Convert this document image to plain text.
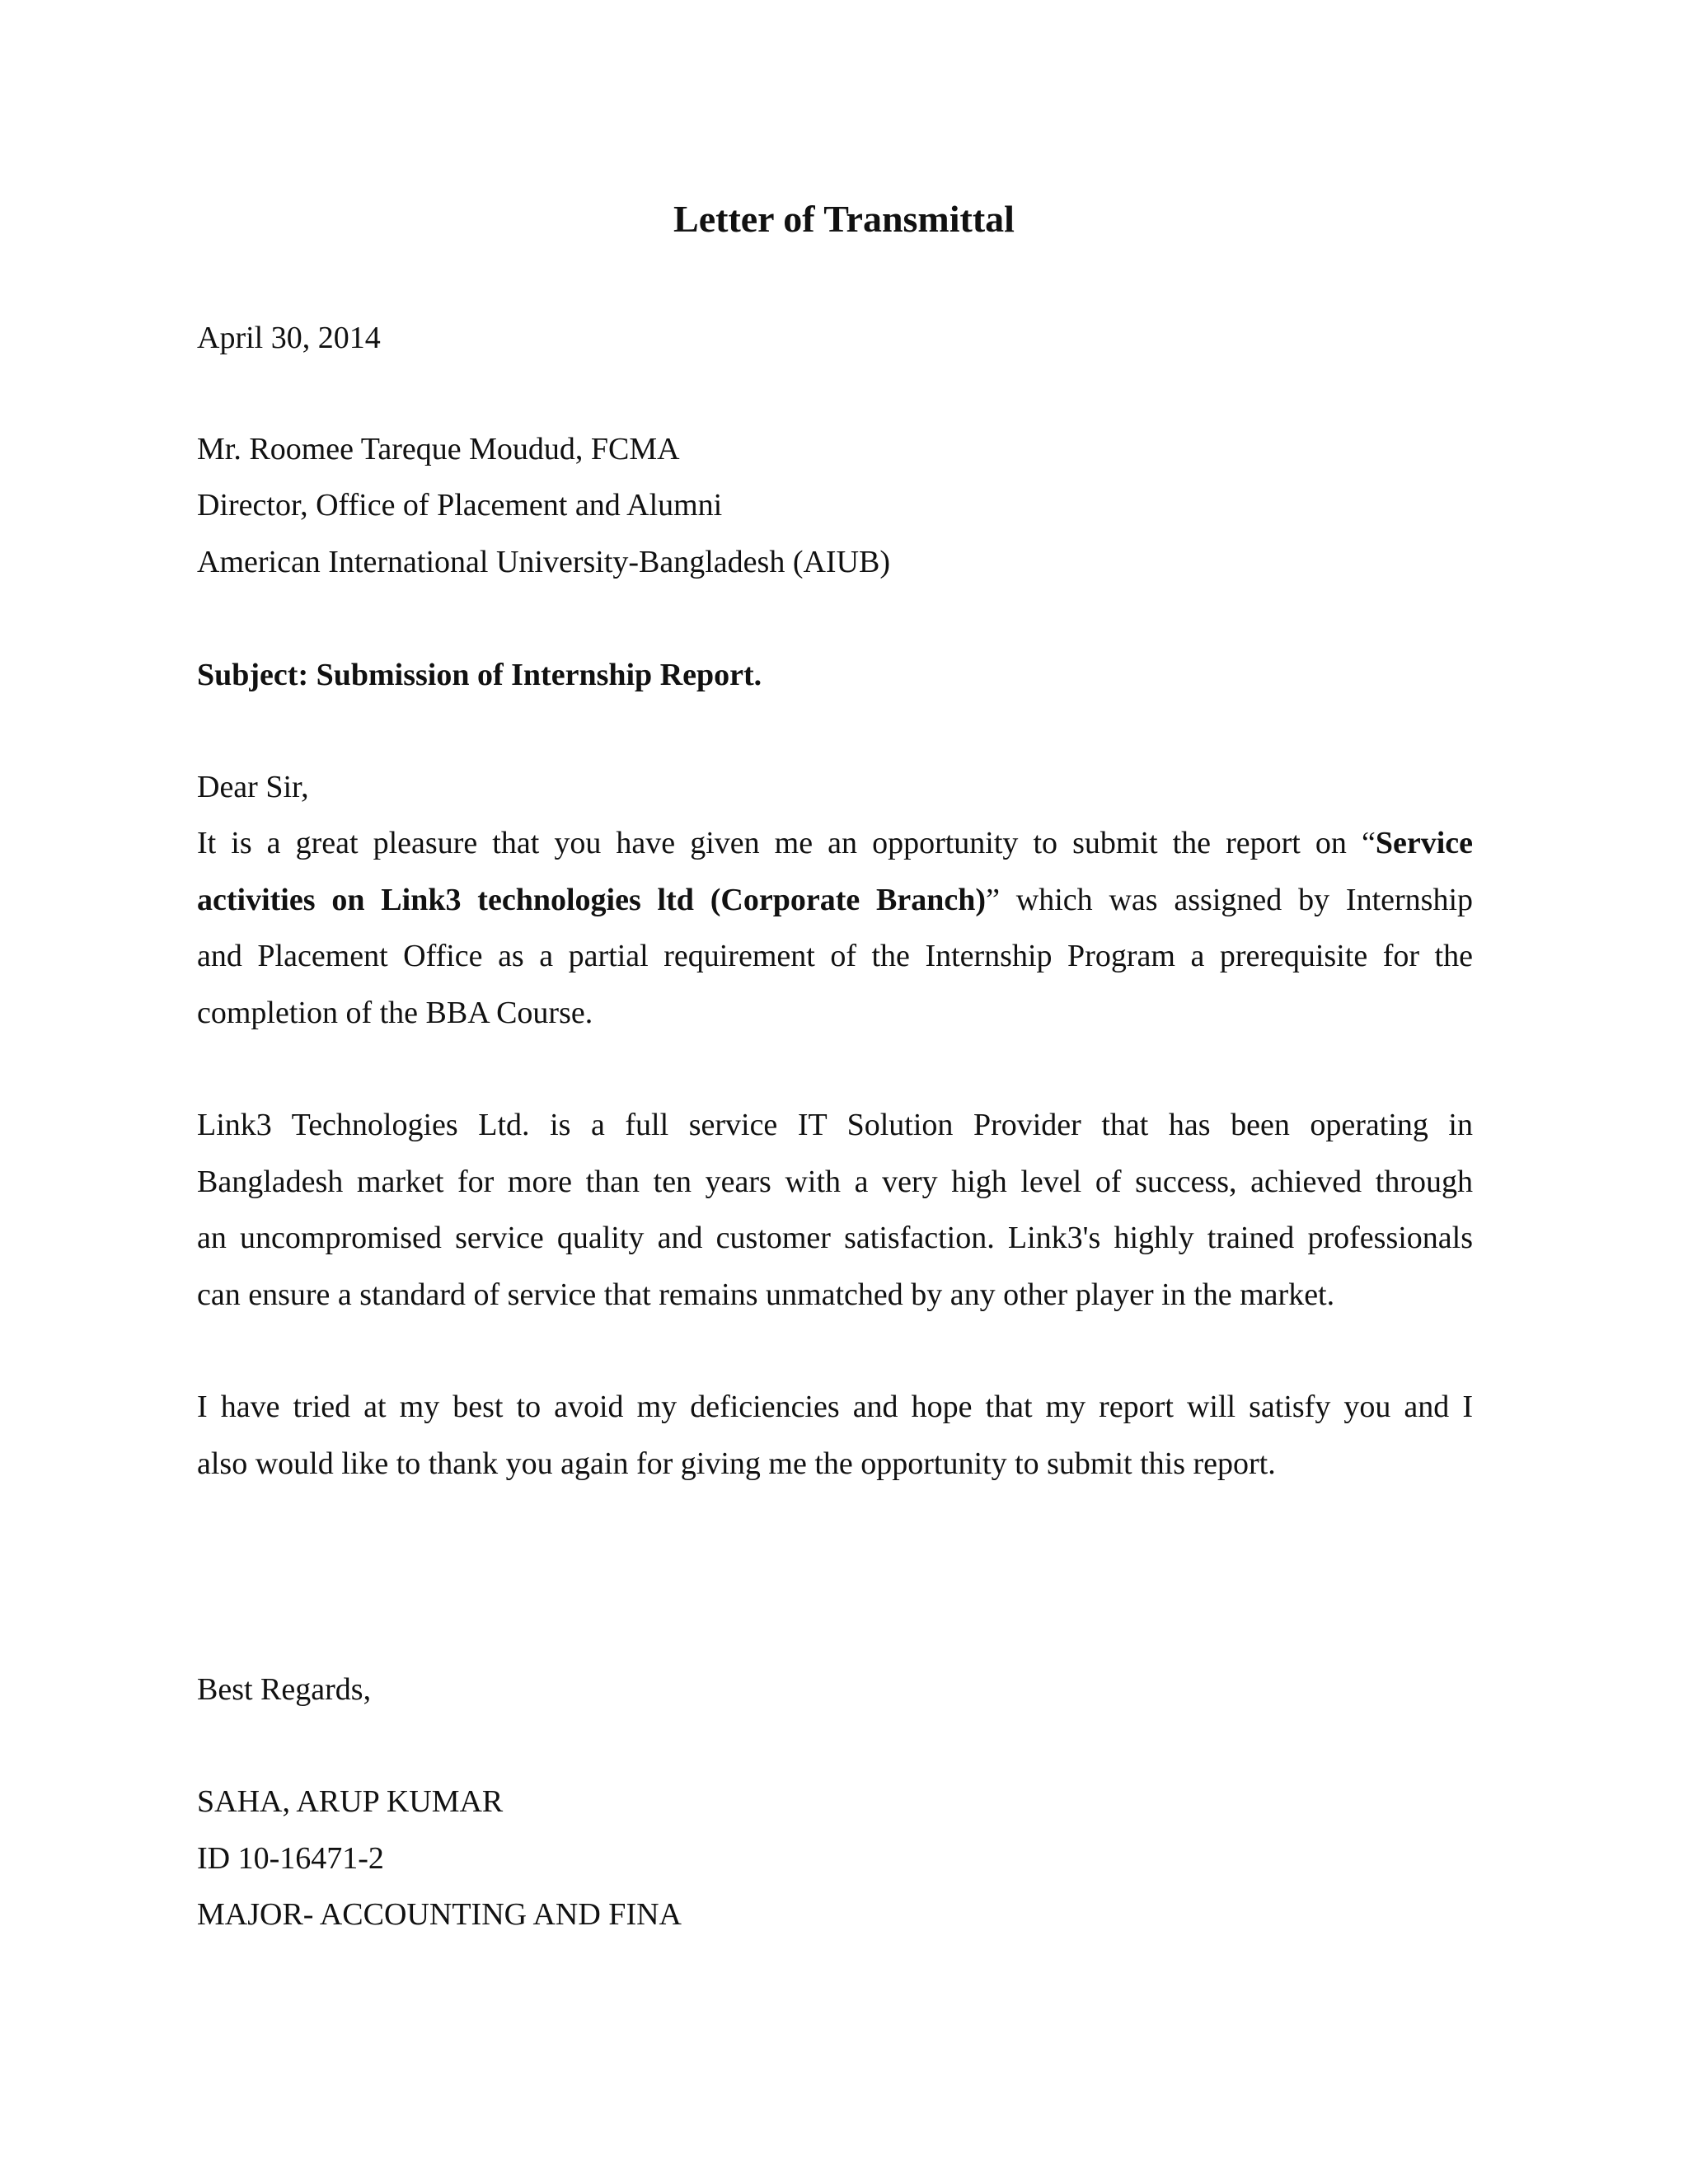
Letter of Transmittal
April 30, 2014
Mr. Roomee Tareque Moudud, FCMA
Director, Office of Placement and Alumni
American International University-Bangladesh (AIUB)
Subject: Submission of Internship Report.
Dear Sir,
It is a great pleasure that you have given me an opportunity to submit the report on “Service
activities on Link3 technologies ltd (Corporate Branch)” which was assigned by Internship
and Placement Office as a partial requirement of the Internship Program a prerequisite for the
completion of the BBA Course.
Link3 Technologies Ltd. is a full service IT Solution Provider that has been operating in
Bangladesh market for more than ten years with a very high level of success, achieved through
an uncompromised service quality and customer satisfaction. Link3's highly trained professionals
can ensure a standard of service that remains unmatched by any other player in the market.
I have tried at my best to avoid my deficiencies and hope that my report will satisfy you and I
also would like to thank you again for giving me the opportunity to submit this report.
Best Regards,
SAHA, ARUP KUMAR
ID 10-16471-2
MAJOR- ACCOUNTING AND FINA
